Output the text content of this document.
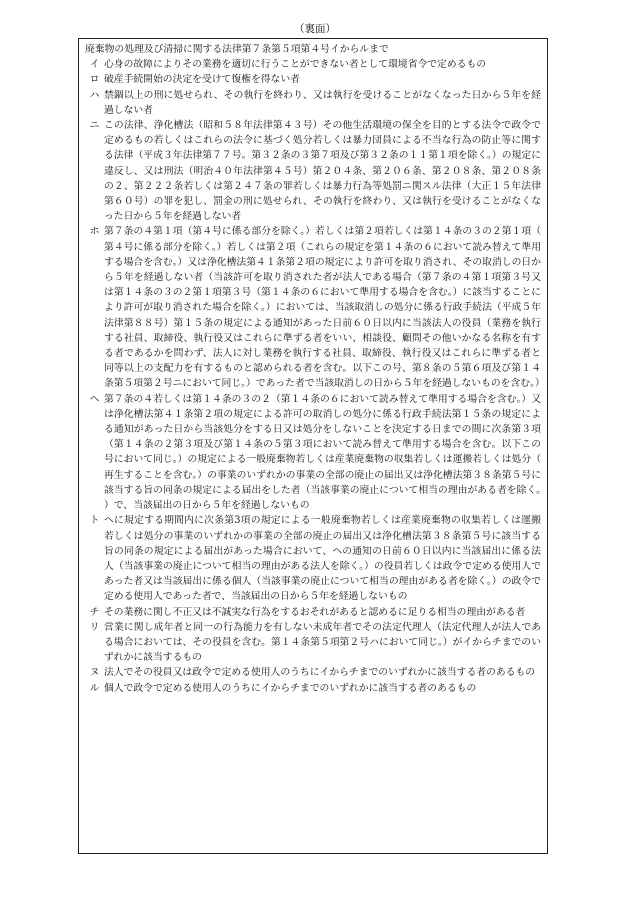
（裏面）

廃棄物の処理及び清掃に関する法律第７条第５項第４号イからルまで

イ 心身の故障によりその業務を適切に行うことができない者として環境省令で定めるもの
ロ 破産手続開始の決定を受けて復権を得ない者
ハ 禁錮以上の刑に処せられ、その執行を終わり、又は執行を受けることがなくなった日から５年を経過しない者
ニ この法律、浄化槽法（昭和５８年法律第４３号）その他生活環境の保全を目的とする法令で政令で定めるもの若しくはこれらの法令に基づく処分若しくは暴力団員による不当な行為の防止等に関する法律（平成３年法律第７７号。第３２条の３第７項及び第３２条の１１第１項を除く。）の規定に違反し、又は刑法（明治４０年法律第４５号）第２０４条、第２０６条、第２０８条、第２０８条の２、第２２２条若しくは第２４７条の罪若しくは暴力行為等処罰ニ関スル法律（大正１５年法律第６０号）の罪を犯し、罰金の刑に処せられ、その執行を終わり、又は執行を受けることがなくなった日から５年を経過しない者
ホ 第７条の４第１項（第４号に係る部分を除く。）若しくは第２項若しくは第１４条の３の２第１項（第４号に係る部分を除く。）若しくは第２項（これらの規定を第１４条の６において読み替えて準用する場合を含む。）又は浄化槽法第４１条第２項の規定により許可を取り消され、その取消しの日から５年を経過しない者（当該許可を取り消された者が法人である場合（第７条の４第１項第３号又は第１４条の３の２第１項第３号（第１４条の６において準用する場合を含む。）に該当することにより許可が取り消された場合を除く。）においては、当該取消しの処分に係る行政手続法（平成５年法律第８８号）第１５条の規定による通知があった日前６０日以内に当該法人の役員（業務を執行する社員、取締役、執行役又はこれらに準ずる者をいい、相談役、顧問その他いかなる名称を有する者であるかを問わず、法人に対し業務を執行する社員、取締役、執行役又はこれらに準ずる者と同等以上の支配力を有するものと認められる者を含む。以下この号、第８条の５第６項及び第１４条第５項第２号ニにおいて同じ。）であった者で当該取消しの日から５年を経過しないものを含む。）
ヘ 第７条の４若しくは第１４条の３の２（第１４条の６において読み替えて準用する場合を含む。）又は浄化槽法第４１条第２項の規定による許可の取消しの処分に係る行政手続法第１５条の規定による通知があった日から当該処分をする日又は処分をしないことを決定する日までの間に次条第３項（第１４条の２第３項及び第１４条の５第３項において読み替えて準用する場合を含む。以下この号において同じ。）の規定による一般廃棄物若しくは産業廃棄物の収集若しくは運搬若しくは処分（再生することを含む。）の事業のいずれかの事業の全部の廃止の届出又は浄化槽法第３８条第５号に該当する旨の同条の規定による届出をした者（当該事業の廃止について相当の理由がある者を除く。）で、当該届出の日から５年を経過しないもの
ト ヘに規定する期間内に次条第3項の規定による一般廃棄物若しくは産業廃棄物の収集若しくは運搬若しくは処分の事業のいずれかの事業の全部の廃止の届出又は浄化槽法第３８条第５号に該当する旨の同条の規定による届出があった場合において、ヘの通知の日前６０日以内に当該届出に係る法人（当該事業の廃止について相当の理由がある法人を除く。）の役員若しくは政令で定める使用人であった者又は当該届出に係る個人（当該事業の廃止について相当の理由がある者を除く。）の政令で定める使用人であった者で、当該届出の日から５年を経過しないもの
チ その業務に関し不正又は不誠実な行為をするおそれがあると認めるに足りる相当の理由がある者
リ 営業に関し成年者と同一の行為能力を有しない未成年者でその法定代理人（法定代理人が法人である場合においては、その役員を含む。第１４条第５項第２号ハにおいて同じ。）がイからチまでのいずれかに該当するもの
ヌ 法人でその役員又は政令で定める使用人のうちにイからチまでのいずれかに該当する者のあるもの
ル 個人で政令で定める使用人のうちにイからチまでのいずれかに該当する者のあるもの
